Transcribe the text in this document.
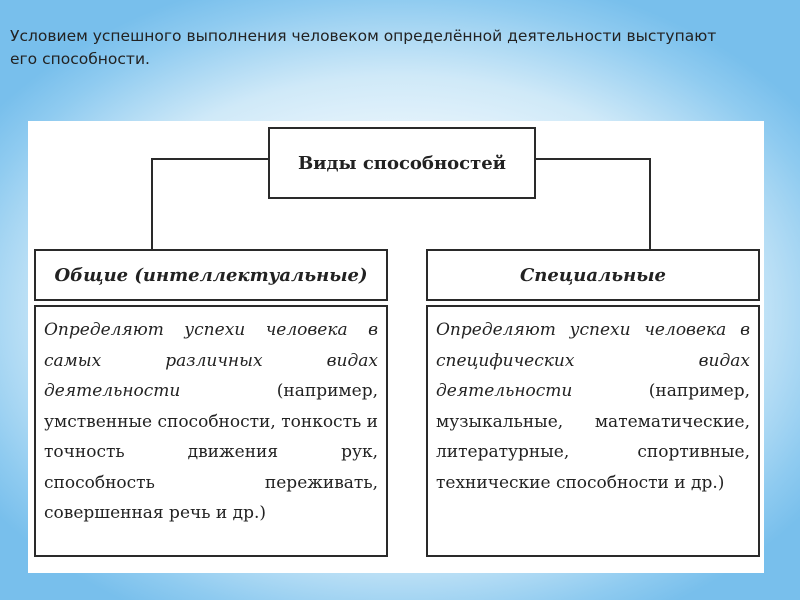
Условием успешного выполнения человеком определённой деятельности выступают его способности.
Виды способностей
Общие (интеллектуальные)
Определяют успехи человека в самых различных видах деятельности (например, умственные способности, тонкость и точность движения рук, способность переживать, совершенная речь и др.)
Специальные
Определяют успехи человека в специфических видах деятельности (например, музыкальные, математические, литературные, спортивные, технические способности и др.)
